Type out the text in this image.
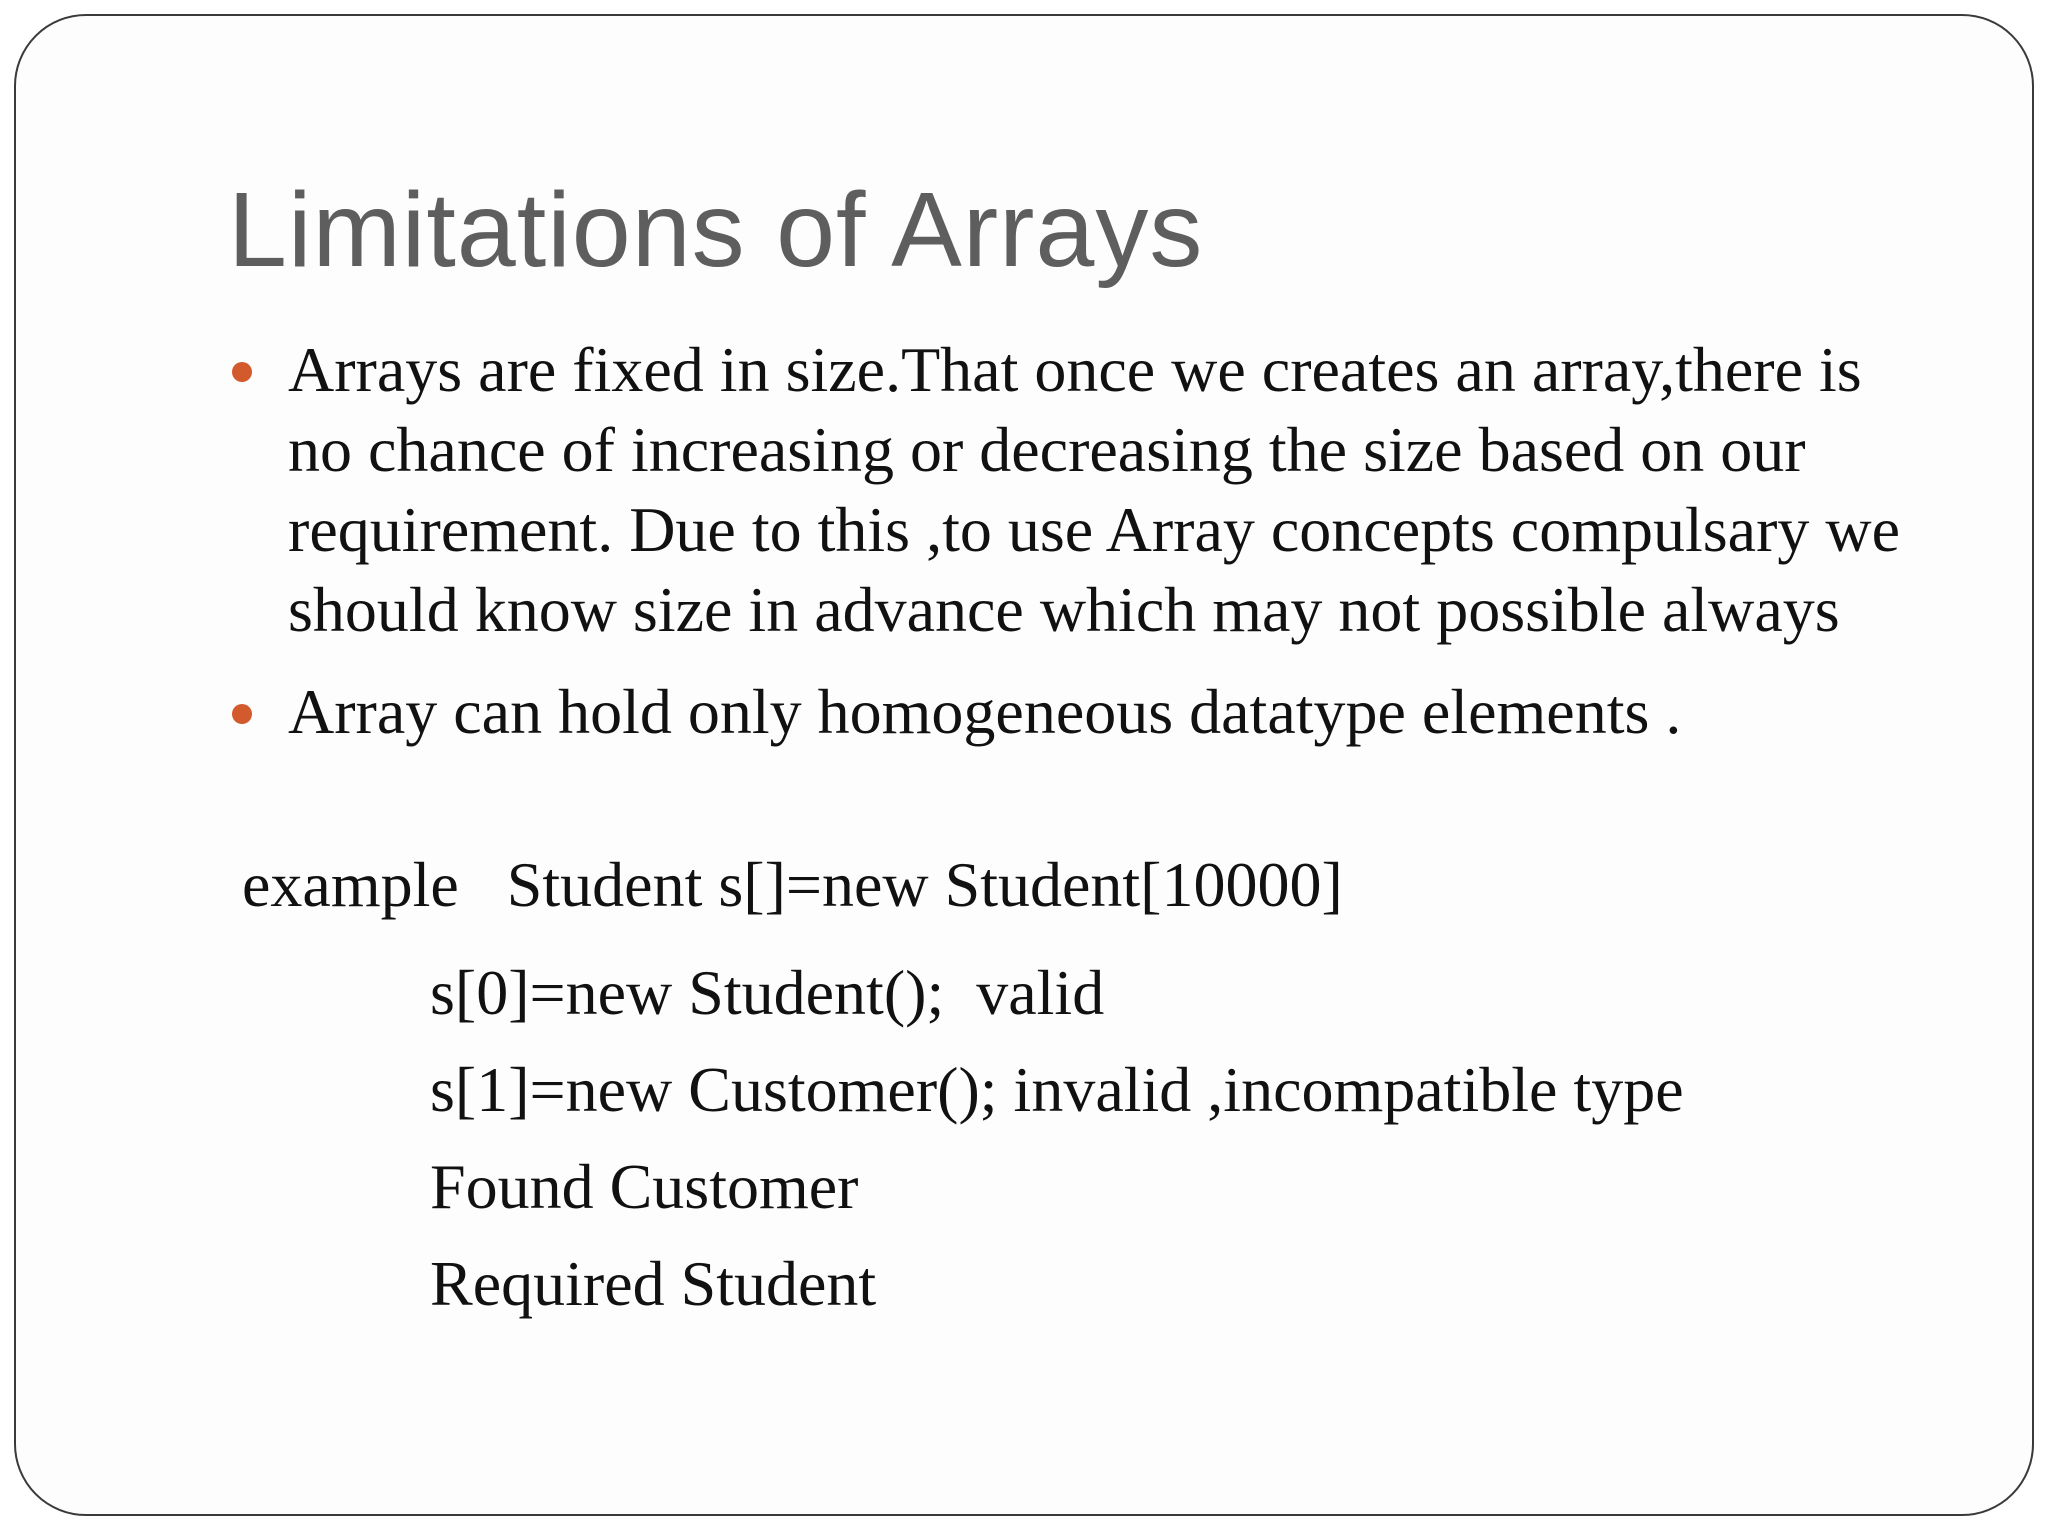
Limitations of Arrays
Arrays are fixed in size.That once we creates an array,there is no chance of increasing or decreasing the size based on our requirement. Due to this ,to use Array concepts compulsary we should know size in advance which may not possible always
Array can hold only homogeneous datatype elements .
example   Student s[]=new Student[10000]
s[0]=new Student();  valid
s[1]=new Customer(); invalid ,incompatible type
Found Customer
Required Student
